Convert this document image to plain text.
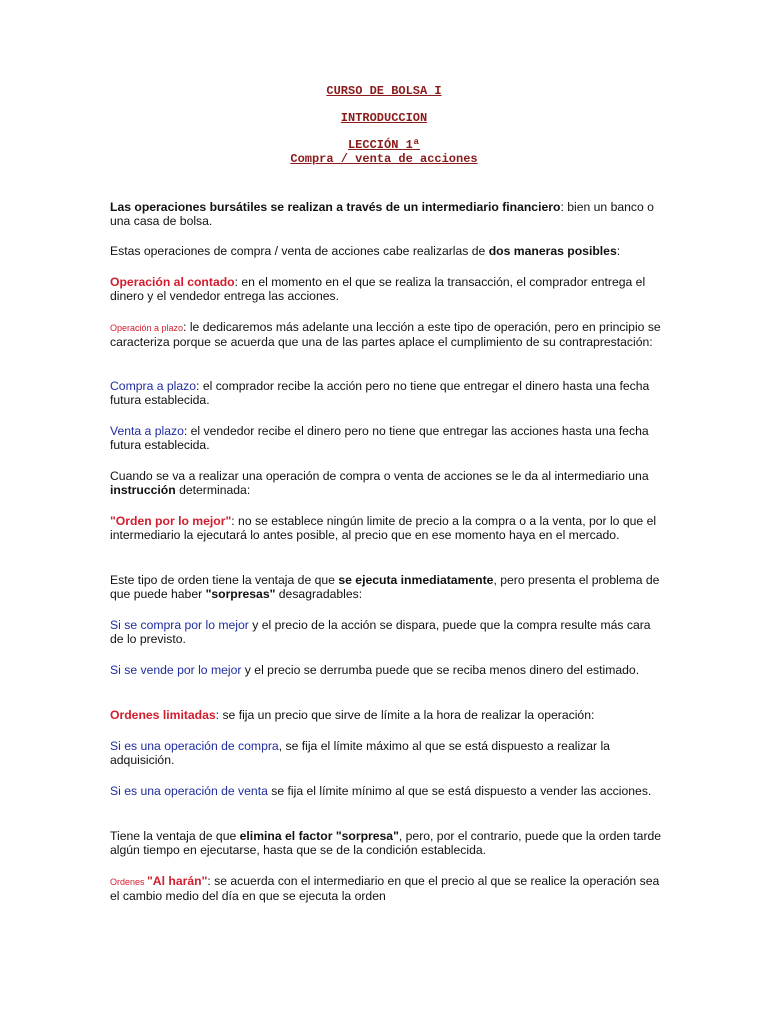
CURSO DE BOLSA I
INTRODUCCION
LECCIÓN 1ª
Compra / venta de acciones

Las operaciones bursátiles se realizan a través de un intermediario financiero: bien un banco o una casa de bolsa.

Estas operaciones de compra / venta de acciones cabe realizarlas de dos maneras posibles:

Operación al contado: en el momento en el que se realiza la transacción, el comprador entrega el dinero y el vendedor entrega las acciones.

Operación a plazo: le dedicaremos más adelante una lección a este tipo de operación, pero en principio se caracteriza porque se acuerda que una de las partes aplace el cumplimiento de su contraprestación:

Compra a plazo: el comprador recibe la acción pero no tiene que entregar el dinero hasta una fecha futura establecida.

Venta a plazo: el vendedor recibe el dinero pero no tiene que entregar las acciones hasta una fecha futura establecida.

Cuando se va a realizar una operación de compra o venta de acciones se le da al intermediario una instrucción determinada:

"Orden por lo mejor": no se establece ningún limite de precio a la compra o a la venta, por lo que el intermediario la ejecutará lo antes posible, al precio que en ese momento haya en el mercado.

Este tipo de orden tiene la ventaja de que se ejecuta inmediatamente, pero presenta el problema de que puede haber "sorpresas" desagradables:

Si se compra por lo mejor y el precio de la acción se dispara, puede que la compra resulte más cara de lo previsto.

Si se vende por lo mejor y el precio se derrumba puede que se reciba menos dinero del estimado.

Ordenes limitadas: se fija un precio que sirve de límite a la hora de realizar la operación:

Si es una operación de compra, se fija el límite máximo al que se está dispuesto a realizar la adquisición.

Si es una operación de venta se fija el límite mínimo al que se está dispuesto a vender las acciones.

Tiene la ventaja de que elimina el factor "sorpresa", pero, por el contrario, puede que la orden tarde algún tiempo en ejecutarse, hasta que se de la condición establecida.

Ordenes "Al harán": se acuerda con el intermediario en que el precio al que se realice la operación sea el cambio medio del día en que se ejecuta la orden
